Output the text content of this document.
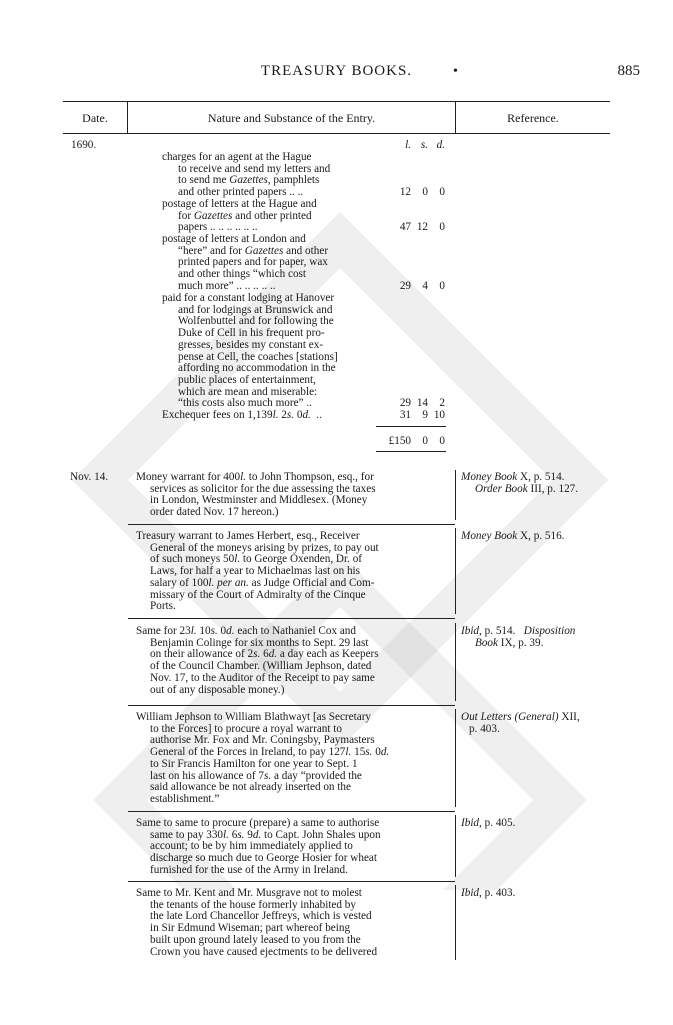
TREASURY BOOKS.	•	885
Date.	Nature and Substance of the Entry.	Reference.
1690.	l. s. d.
charges for an agent at the Hague
to receive and send my letters and
to send me Gazettes, pamphlets
and other printed papers .. ..	12 0 0
postage of letters at the Hague and
for Gazettes and other printed
papers .. .. .. .. .. ..	47 12 0
postage of letters at London and
“here” and for Gazettes and other
printed papers and for paper, wax
and other things “which cost
much more” .. .. .. .. ..	29 4 0
paid for a constant lodging at Hanover
and for lodgings at Brunswick and
Wolfenbuttel and for following the
Duke of Cell in his frequent pro-
gresses, besides my constant ex-
pense at Cell, the coaches [stations]
affording no accommodation in the
public places of entertainment,
which are mean and miserable:
“this costs also much more” ..	29 14 2
Exchequer fees on 1,139l. 2s. 0d.  ..	31 9 10
£150 0 0
Nov. 14. Money warrant for 400l. to John Thompson, esq., for
services as solicitor for the due assessing the taxes
in London, Westminster and Middlesex. (Money
order dated Nov. 17 hereon.)
Money Book X, p. 514.
Order Book III, p. 127.
Treasury warrant to James Herbert, esq., Receiver
General of the moneys arising by prizes, to pay out
of such moneys 50l. to George Oxenden, Dr. of
Laws, for half a year to Michaelmas last on his
salary of 100l. per an. as Judge Official and Com-
missary of the Court of Admiralty of the Cinque
Ports.
Money Book X, p. 516.
Same for 23l. 10s. 0d. each to Nathaniel Cox and
Benjamin Colinge for six months to Sept. 29 last
on their allowance of 2s. 6d. a day each as Keepers
of the Council Chamber. (William Jephson, dated
Nov. 17, to the Auditor of the Receipt to pay same
out of any disposable money.)
Ibid, p. 514.   Disposition
Book IX, p. 39.
William Jephson to William Blathwayt [as Secretary
to the Forces] to procure a royal warrant to
authorise Mr. Fox and Mr. Coningsby, Paymasters
General of the Forces in Ireland, to pay 127l. 15s. 0d.
to Sir Francis Hamilton for one year to Sept. 1
last on his allowance of 7s. a day “provided the
said allowance be not already inserted on the
establishment.”
Out Letters (General) XII,
p. 403.
Same to same to procure (prepare) a same to authorise
same to pay 330l. 6s. 9d. to Capt. John Shales upon
account; to be by him immediately applied to
discharge so much due to George Hosier for wheat
furnished for the use of the Army in Ireland.
Ibid, p. 405.
Same to Mr. Kent and Mr. Musgrave not to molest
the tenants of the house formerly inhabited by
the late Lord Chancellor Jeffreys, which is vested
in Sir Edmund Wiseman; part whereof being
built upon ground lately leased to you from the
Crown you have caused ejectments to be delivered
Ibid, p. 403.
